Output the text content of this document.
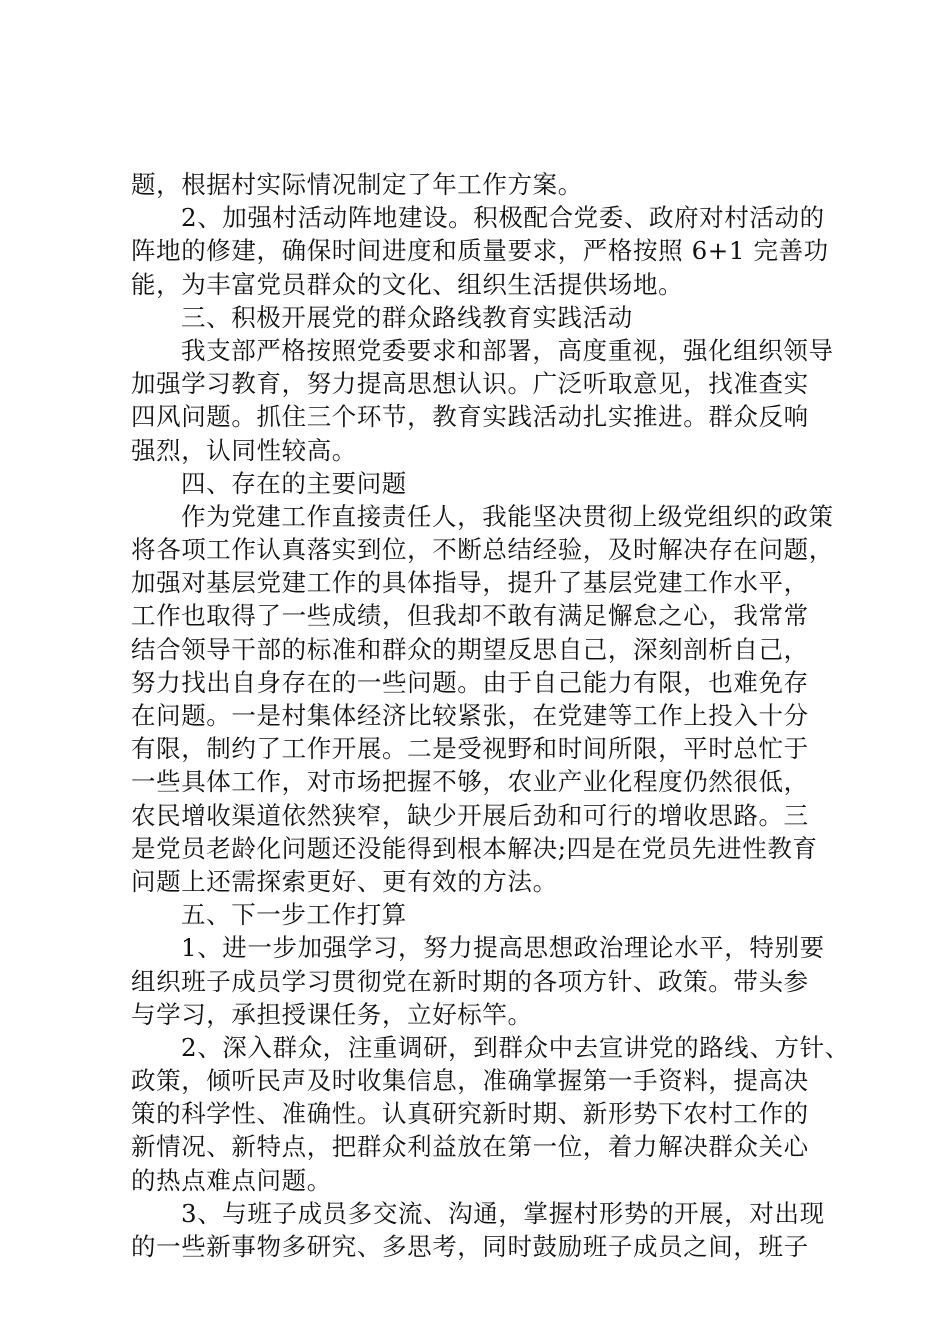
题，根据村实际情况制定了年工作方案。
2、加强村活动阵地建设。积极配合党委、政府对村活动的
阵地的修建，确保时间进度和质量要求，严格按照 6+1 完善功
能，为丰富党员群众的文化、组织生活提供场地。
三、积极开展党的群众路线教育实践活动
我支部严格按照党委要求和部署，高度重视，强化组织领导
加强学习教育，努力提高思想认识。广泛听取意见，找准查实
四风问题。抓住三个环节，教育实践活动扎实推进。群众反响
强烈，认同性较高。
四、存在的主要问题
作为党建工作直接责任人，我能坚决贯彻上级党组织的政策
将各项工作认真落实到位，不断总结经验，及时解决存在问题，
加强对基层党建工作的具体指导，提升了基层党建工作水平，
工作也取得了一些成绩，但我却不敢有满足懈怠之心，我常常
结合领导干部的标准和群众的期望反思自己，深刻剖析自己，
努力找出自身存在的一些问题。由于自己能力有限，也难免存
在问题。一是村集体经济比较紧张，在党建等工作上投入十分
有限，制约了工作开展。二是受视野和时间所限，平时总忙于
一些具体工作，对市场把握不够，农业产业化程度仍然很低，
农民增收渠道依然狭窄，缺少开展后劲和可行的增收思路。三
是党员老龄化问题还没能得到根本解决;四是在党员先进性教育
问题上还需探索更好、更有效的方法。
五、下一步工作打算
1、进一步加强学习，努力提高思想政治理论水平，特别要
组织班子成员学习贯彻党在新时期的各项方针、政策。带头参
与学习，承担授课任务，立好标竿。
2、深入群众，注重调研，到群众中去宣讲党的路线、方针、
政策，倾听民声及时收集信息，准确掌握第一手资料，提高决
策的科学性、准确性。认真研究新时期、新形势下农村工作的
新情况、新特点，把群众利益放在第一位，着力解决群众关心
的热点难点问题。
3、与班子成员多交流、沟通，掌握村形势的开展，对出现
的一些新事物多研究、多思考，同时鼓励班子成员之间，班子
